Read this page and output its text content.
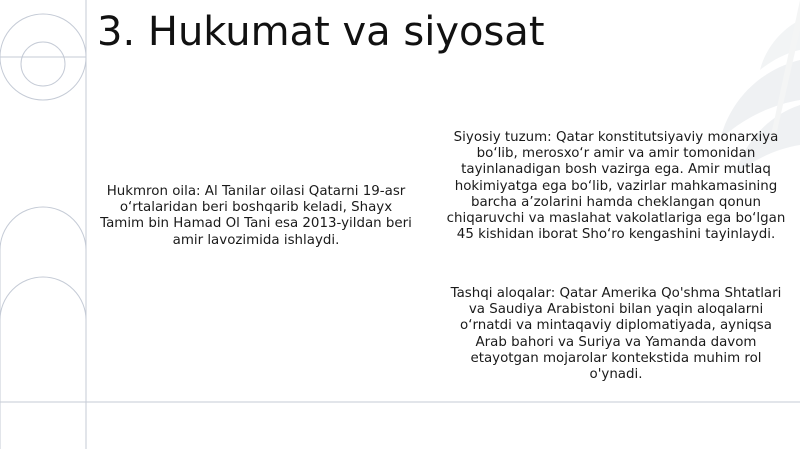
3. Hukumat va siyosat

Hukmron oila: Al Tanilar oilasi Qatarni 19-asr o‘rtalaridan beri boshqarib keladi, Shayx Tamim bin Hamad Ol Tani esa 2013-yildan beri amir lavozimida ishlaydi.

Siyosiy tuzum: Qatar konstitutsiyaviy monarxiya bo‘lib, merosxo‘r amir va amir tomonidan tayinlanadigan bosh vazirga ega. Amir mutlaq hokimiyatga ega bo‘lib, vazirlar mahkamasining barcha a’zolarini hamda cheklangan qonun chiqaruvchi va maslahat vakolatlariga ega bo‘lgan 45 kishidan iborat Sho‘ro kengashini tayinlaydi.

Tashqi aloqalar: Qatar Amerika Qo'shma Shtatlari va Saudiya Arabistoni bilan yaqin aloqalarni o‘rnatdi va mintaqaviy diplomatiyada, ayniqsa Arab bahori va Suriya va Yamanda davom etayotgan mojarolar kontekstida muhim rol o'ynadi.
